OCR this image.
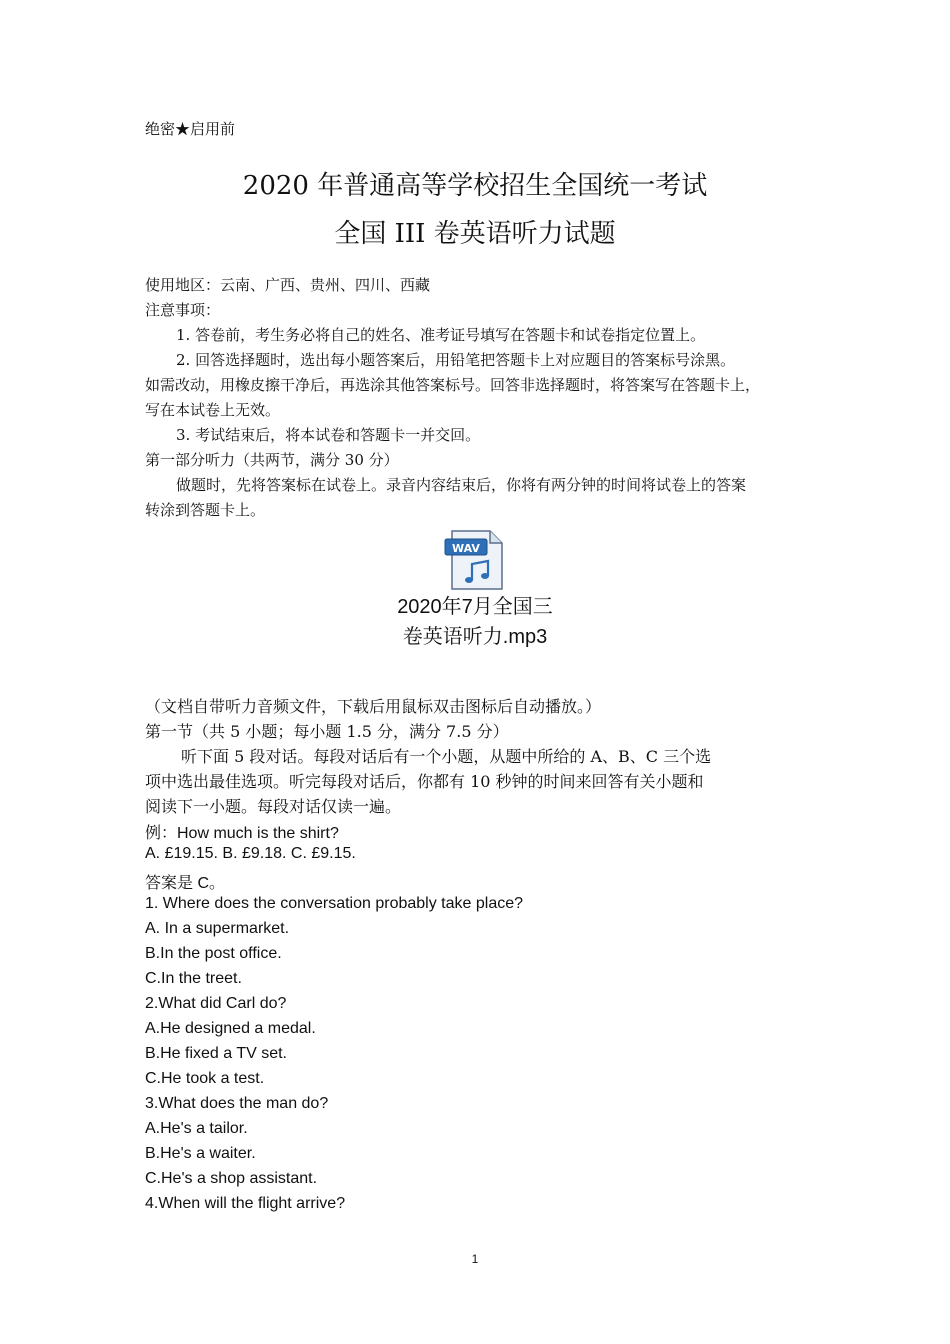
绝密★启用前
2020 年普通高等学校招生全国统一考试
全国 III 卷英语听力试题
使用地区：云南、广西、贵州、四川、西藏
注意事项：
1. 答卷前，考生务必将自己的姓名、准考证号填写在答题卡和试卷指定位置上。
2. 回答选择题时，选出每小题答案后，用铅笔把答题卡上对应题目的答案标号涂黑。
如需改动，用橡皮擦干净后，再选涂其他答案标号。回答非选择题时，将答案写在答题卡上，
写在本试卷上无效。
3. 考试结束后，将本试卷和答题卡一并交回。
第一部分听力（共两节，满分 30 分）
做题时，先将答案标在试卷上。录音内容结束后，你将有两分钟的时间将试卷上的答案
转涂到答题卡上。
WAV
2020年7月全国三
卷英语听力.mp3
（文档自带听力音频文件，下载后用鼠标双击图标后自动播放。）
第一节（共 5 小题；每小题 1.5 分，满分 7.5 分）
听下面 5 段对话。每段对话后有一个小题，从题中所给的 A、B、C 三个选
项中选出最佳选项。听完每段对话后，你都有 10 秒钟的时间来回答有关小题和
阅读下一小题。每段对话仅读一遍。
例：How much is the shirt?
A. £19.15. B. £9.18. C. £9.15.
答案是 C。
1. Where does the conversation probably take place?
A. In a supermarket.
B.In the post office.
C.In the treet.
2.What did Carl do?
A.He designed a medal.
B.He fixed a TV set.
C.He took a test.
3.What does the man do?
A.He's a tailor.
B.He's a waiter.
C.He's a shop assistant.
4.When will the flight arrive?
1
